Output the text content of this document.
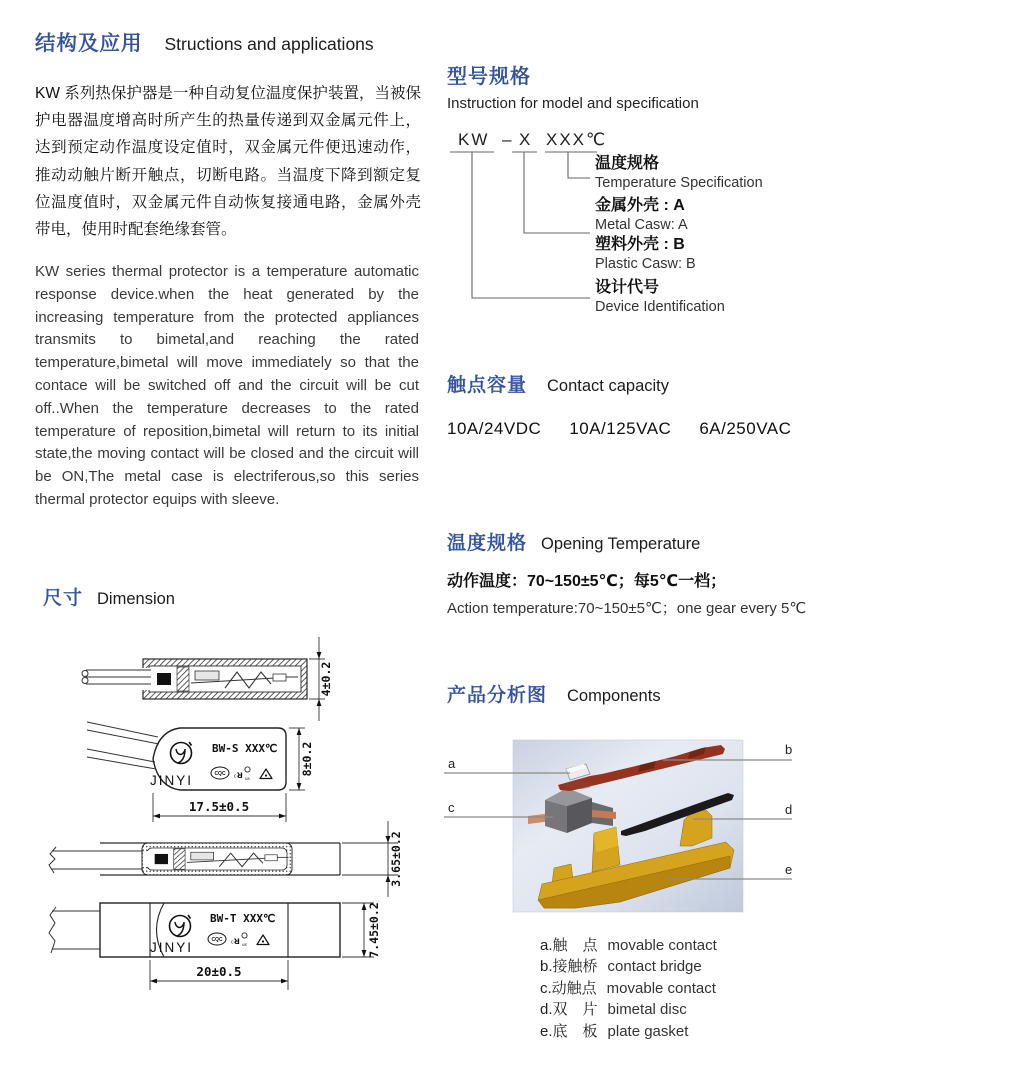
结构及应用 Structions and applications
KW 系列热保护器是一种自动复位温度保护装置，当被保护电器温度增高时所产生的热量传递到双金属元件上，达到预定动作温度设定值时，双金属元件便迅速动作，推动动触片断开触点，切断电路。当温度下降到额定复位温度值时，双金属元件自动恢复接通电路，金属外壳带电，使用时配套绝缘套管。
KW series thermal protector is a temperature automatic response device.when the heat generated by the increasing temperature from the protected appliances transmits to bimetal,and reaching the rated temperature,bimetal will move immediately so that the contace will be switched off and the circuit will be cut off..When the temperature decreases to the rated temperature of reposition,bimetal will return to its initial state,the moving contact will be closed and the circuit will be ON,The metal case is electriferous,so this series thermal protector equips with sleeve.
尺寸 Dimension
CQC	c ᴚ us
4±0.2
BW-S XXX℃
JINYI
17.5±0.5
8±0.2
3.65±0.2
BW-T XXX℃
JINYI
20±0.5
7.45±0.2
型号规格
Instruction for model and specification
KW – X XXX℃
温度规格
Temperature Specification
金属外壳 : A
Metal Casw: A
塑料外壳 : B
Plastic Casw: B
设计代号
Device Identification
触点容量 Contact capacity
10A/24VDC 10A/125VAC 6A/250VAC
温度规格 Opening Temperature
动作温度：70~150±5℃；每5℃一档；
Action temperature:70~150±5℃；one gear every 5℃
产品分析图 Components
a
b
c	d
e
a.触　点 movable contact
b.接触桥 contact bridge
c.动触点 movable contact
d.双　片 bimetal disc
e.底　板 plate gasket
